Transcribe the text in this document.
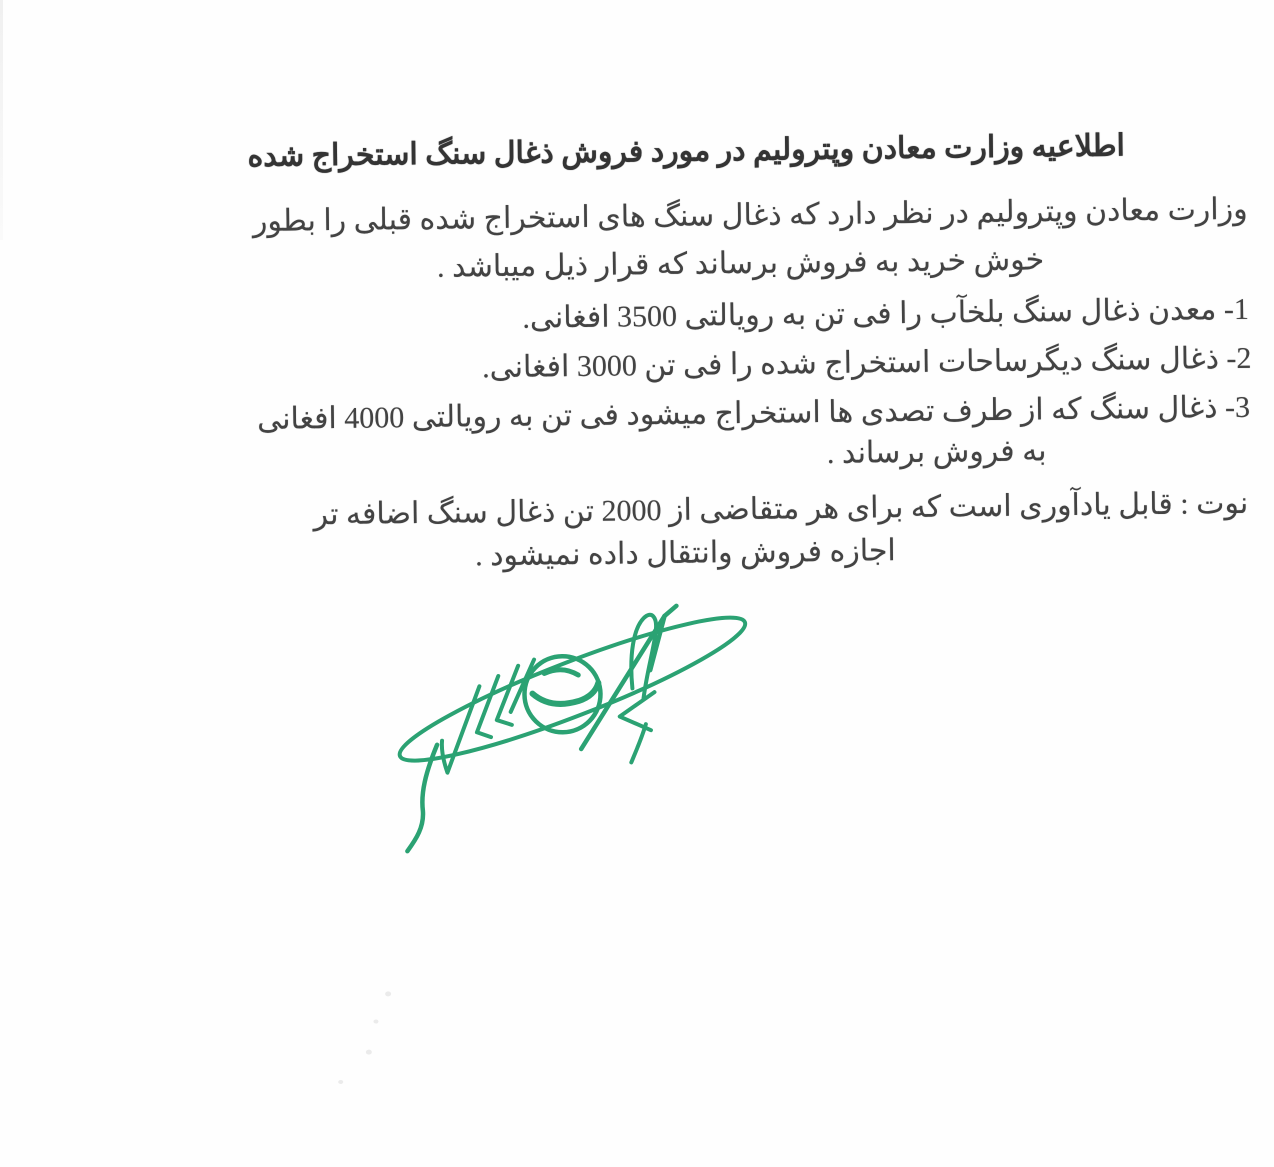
اطلاعیه وزارت معادن وپترولیم در مورد فروش ذغال سنگ استخراج شده
وزارت معادن وپترولیم در نظر دارد که ذغال سنگ های استخراج شده قبلی را بطور
خوش خرید به فروش برساند که قرار ذیل میباشد .
1- معدن ذغال سنگ بلخآب را فی تن به رویالتی 3500 افغانی.
2- ذغال سنگ دیگرساحات استخراج شده را فی تن 3000 افغانی.
3- ذغال سنگ که از طرف تصدی ها استخراج میشود فی تن به رویالتی 4000 افغانی
به فروش برساند .
نوت : قابل یادآوری است که برای هر متقاضی از 2000 تن ذغال سنگ اضافه تر
اجازه فروش وانتقال داده نمیشود .
